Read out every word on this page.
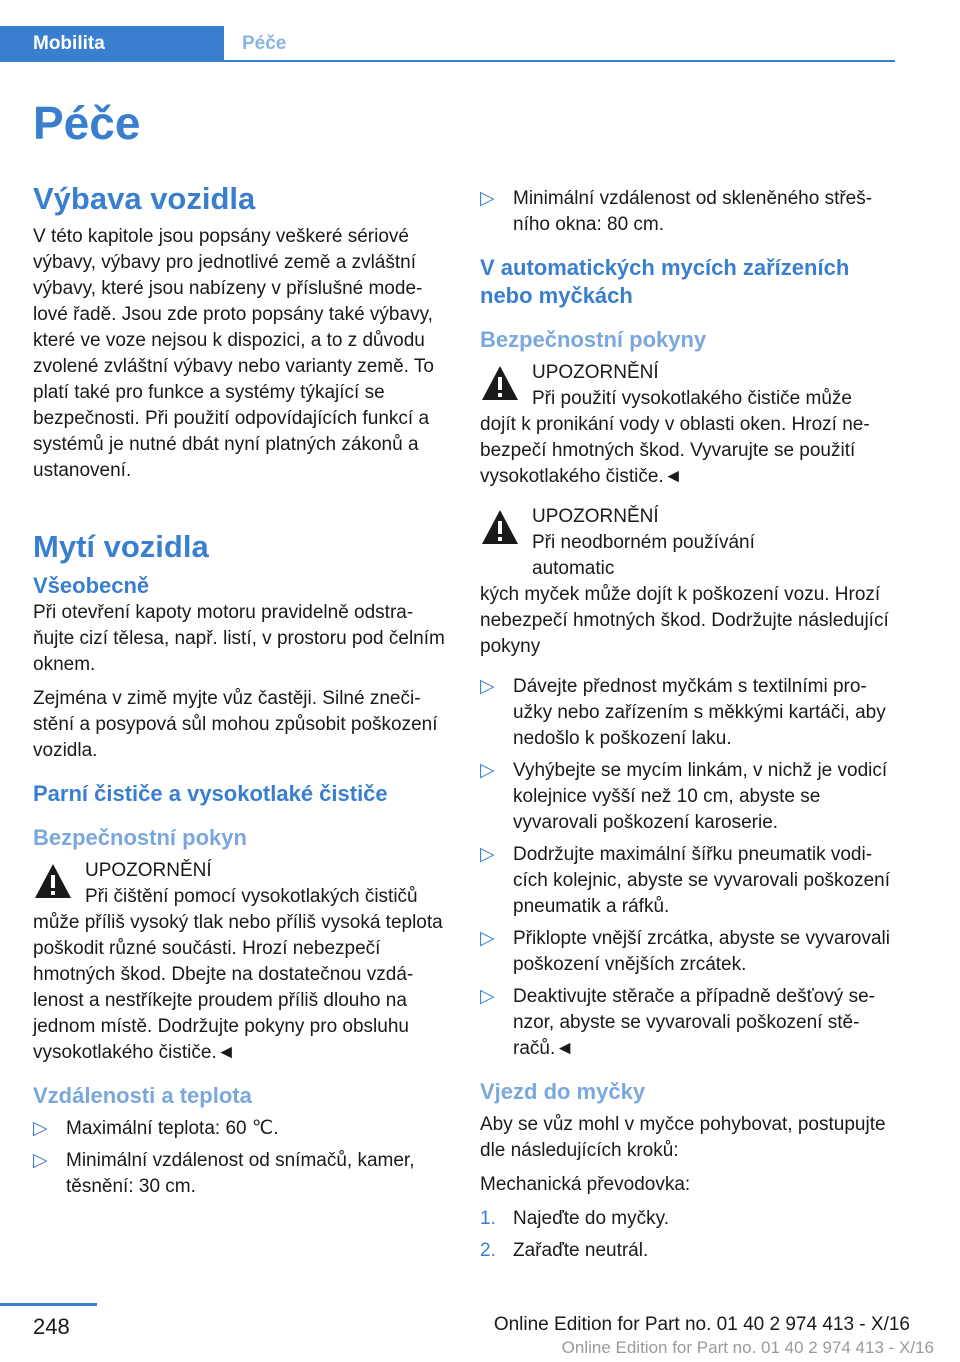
Mobilita	Péče
Péče
Výbava vozidla

V této kapitole jsou popsány veškeré sériové výbavy, výbavy pro jednotlivé země a zvláštní výbavy, které jsou nabízeny v příslušné modelové řadě. Jsou zde proto popsány také výbavy, které ve voze nejsou k dispozici, a to z důvodu zvolené zvláštní výbavy nebo varianty země. To platí také pro funkce a systémy týkající se bezpečnosti. Při použití odpovídajících funkcí a systémů je nutné dbát nyní platných zákonů a ustanovení.

Mytí vozidla
Všeobecně

Při otevření kapoty motoru pravidelně odstraňujte cizí tělesa, např. listí, v prostoru pod čelním oknem.

Zejména v zimě myjte vůz častěji. Silné znečistění a posypová sůl mohou způsobit poškození vozidla.

Parní čističe a vysokotlaké čističe
Bezpečnostní pokyn
UPOZORNĚNÍ
Při čištění pomocí vysokotlakých čističů
může příliš vysoký tlak nebo příliš vysoká teplota poškodit různé součásti. Hrozí nebezpečí hmotných škod. Dbejte na dostatečnou vzdálenost a nestříkejte proudem příliš dlouho na jednom místě. Dodržujte pokyny pro obsluhu vysokotlakého čističe.◄
Vzdálenosti a teplota
▷ Maximální teplota: 60 ℃.
▷ Minimální vzdálenost od snímačů, kamer, těsnění: 30 cm.
▷ Minimální vzdálenost od skleněného střešního okna: 80 cm.
V automatických mycích zařízeních nebo myčkách
Bezpečnostní pokyny
UPOZORNĚNÍ
Při použití vysokotlakého čističe může
dojít k pronikání vody v oblasti oken. Hrozí nebezpečí hmotných škod. Vyvarujte se použití vysokotlakého čističe.◄
UPOZORNĚNÍ
Při neodborném používání automatic
kých myček může dojít k poškození vozu. Hrozí nebezpečí hmotných škod. Dodržujte následující pokyny
▷ Dávejte přednost myčkám s textilními proužky nebo zařízením s měkkými kartáči, aby nedošlo k poškození laku.
▷ Vyhýbejte se mycím linkám, v nichž je vodicí kolejnice vyšší než 10 cm, abyste se vyvarovali poškození karoserie.
▷ Dodržujte maximální šířku pneumatik vodicích kolejnic, abyste se vyvarovali poškození pneumatik a ráfků.
▷ Přiklopte vnější zrcátka, abyste se vyvarovali poškození vnějších zrcátek.
▷ Deaktivujte stěrače a případně dešťový senzor, abyste se vyvarovali poškození stěračů.◄
Vjezd do myčky

Aby se vůz mohl v myčce pohybovat, postupujte dle následujících kroků:

Mechanická převodovka:

1. Najeďte do myčky.
2. Zařaďte neutrál.
248	Online Edition for Part no. 01 40 2 974 413 - X/16
Online Edition for Part no. 01 40 2 974 413 - X/16
